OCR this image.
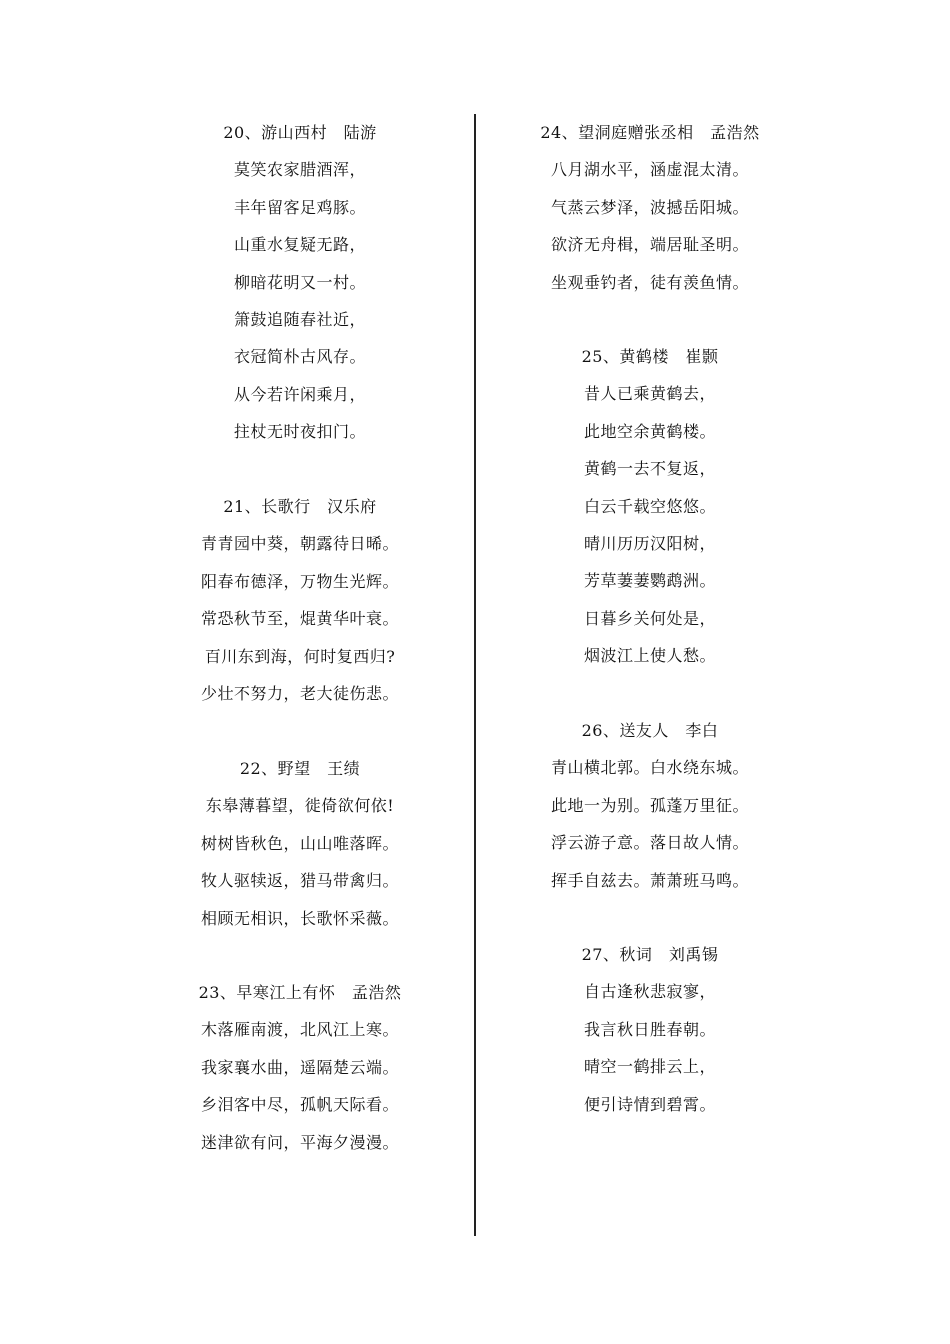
20、游山西村　陆游
莫笑农家腊酒浑，
丰年留客足鸡豚。
山重水复疑无路，
柳暗花明又一村。
箫鼓追随春社近，
衣冠简朴古风存。
从今若许闲乘月，
拄杖无时夜扣门。
21、长歌行　汉乐府
青青园中葵，朝露待日晞。
阳春布德泽，万物生光辉。
常恐秋节至，焜黄华叶衰。
百川东到海，何时复西归?
少壮不努力，老大徒伤悲。
22、野望　王绩
东皋薄暮望，徙倚欲何依!
树树皆秋色，山山唯落晖。
牧人驱犊返，猎马带禽归。
相顾无相识，长歌怀采薇。
23、早寒江上有怀　孟浩然
木落雁南渡，北风江上寒。
我家襄水曲，遥隔楚云端。
乡泪客中尽，孤帆天际看。
迷津欲有问，平海夕漫漫。
24、望洞庭赠张丞相　孟浩然
八月湖水平，涵虚混太清。
气蒸云梦泽，波撼岳阳城。
欲济无舟楫，端居耻圣明。
坐观垂钓者，徒有羡鱼情。
25、黄鹤楼　崔颢
昔人已乘黄鹤去，
此地空余黄鹤楼。
黄鹤一去不复返，
白云千载空悠悠。
晴川历历汉阳树，
芳草萋萋鹦鹉洲。
日暮乡关何处是，
烟波江上使人愁。
26、送友人　李白
青山横北郭。白水绕东城。
此地一为别。孤蓬万里征。
浮云游子意。落日故人情。
挥手自兹去。萧萧班马鸣。
27、秋词　刘禹锡
自古逢秋悲寂寥，
我言秋日胜春朝。
晴空一鹤排云上，
便引诗情到碧霄。
